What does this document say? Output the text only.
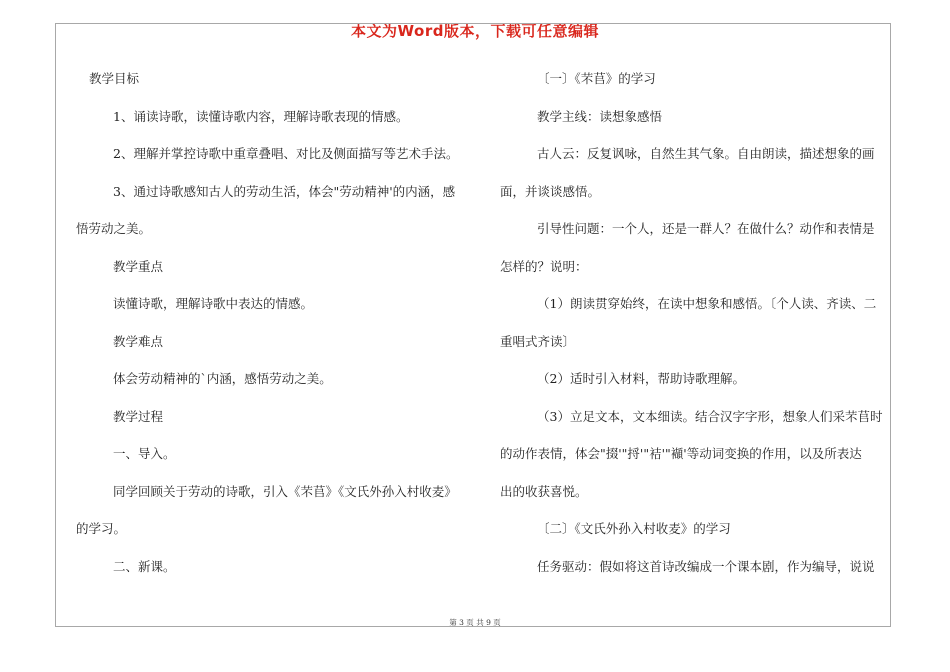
本文为Word版本，下载可任意编辑

教学目标

1、诵读诗歌，读懂诗歌内容，理解诗歌表现的情感。

2、理解并掌控诗歌中重章叠唱、对比及侧面描写等艺术手法。

3、通过诗歌感知古人的劳动生活，体会"劳动精神'的内涵，感

悟劳动之美。

教学重点

读懂诗歌，理解诗歌中表达的情感。

教学难点

体会劳动精神的`内涵，感悟劳动之美。

教学过程

一、导入。

同学回顾关于劳动的诗歌，引入《芣苢》《文氏外孙入村收麦》

的学习。

二、新课。

〔一〕《芣苢》的学习

教学主线：读想象感悟

古人云：反复讽咏，自然生其气象。自由朗读，描述想象的画

面，并谈谈感悟。

引导性问题：一个人，还是一群人？在做什么？动作和表情是

怎样的？说明：

（1）朗读贯穿始终，在读中想象和感悟。〔个人读、齐读、二

重唱式齐读〕

（2）适时引入材料，帮助诗歌理解。

（3）立足文本，文本细读。结合汉字字形，想象人们采芣苢时

的动作表情，体会"掇'"捋'"袺'"襭'等动词变换的作用，以及所表达

出的收获喜悦。

〔二〕《文氏外孙入村收麦》的学习

任务驱动：假如将这首诗改编成一个课本剧，作为编导，说说

第 3 页 共 9 页
